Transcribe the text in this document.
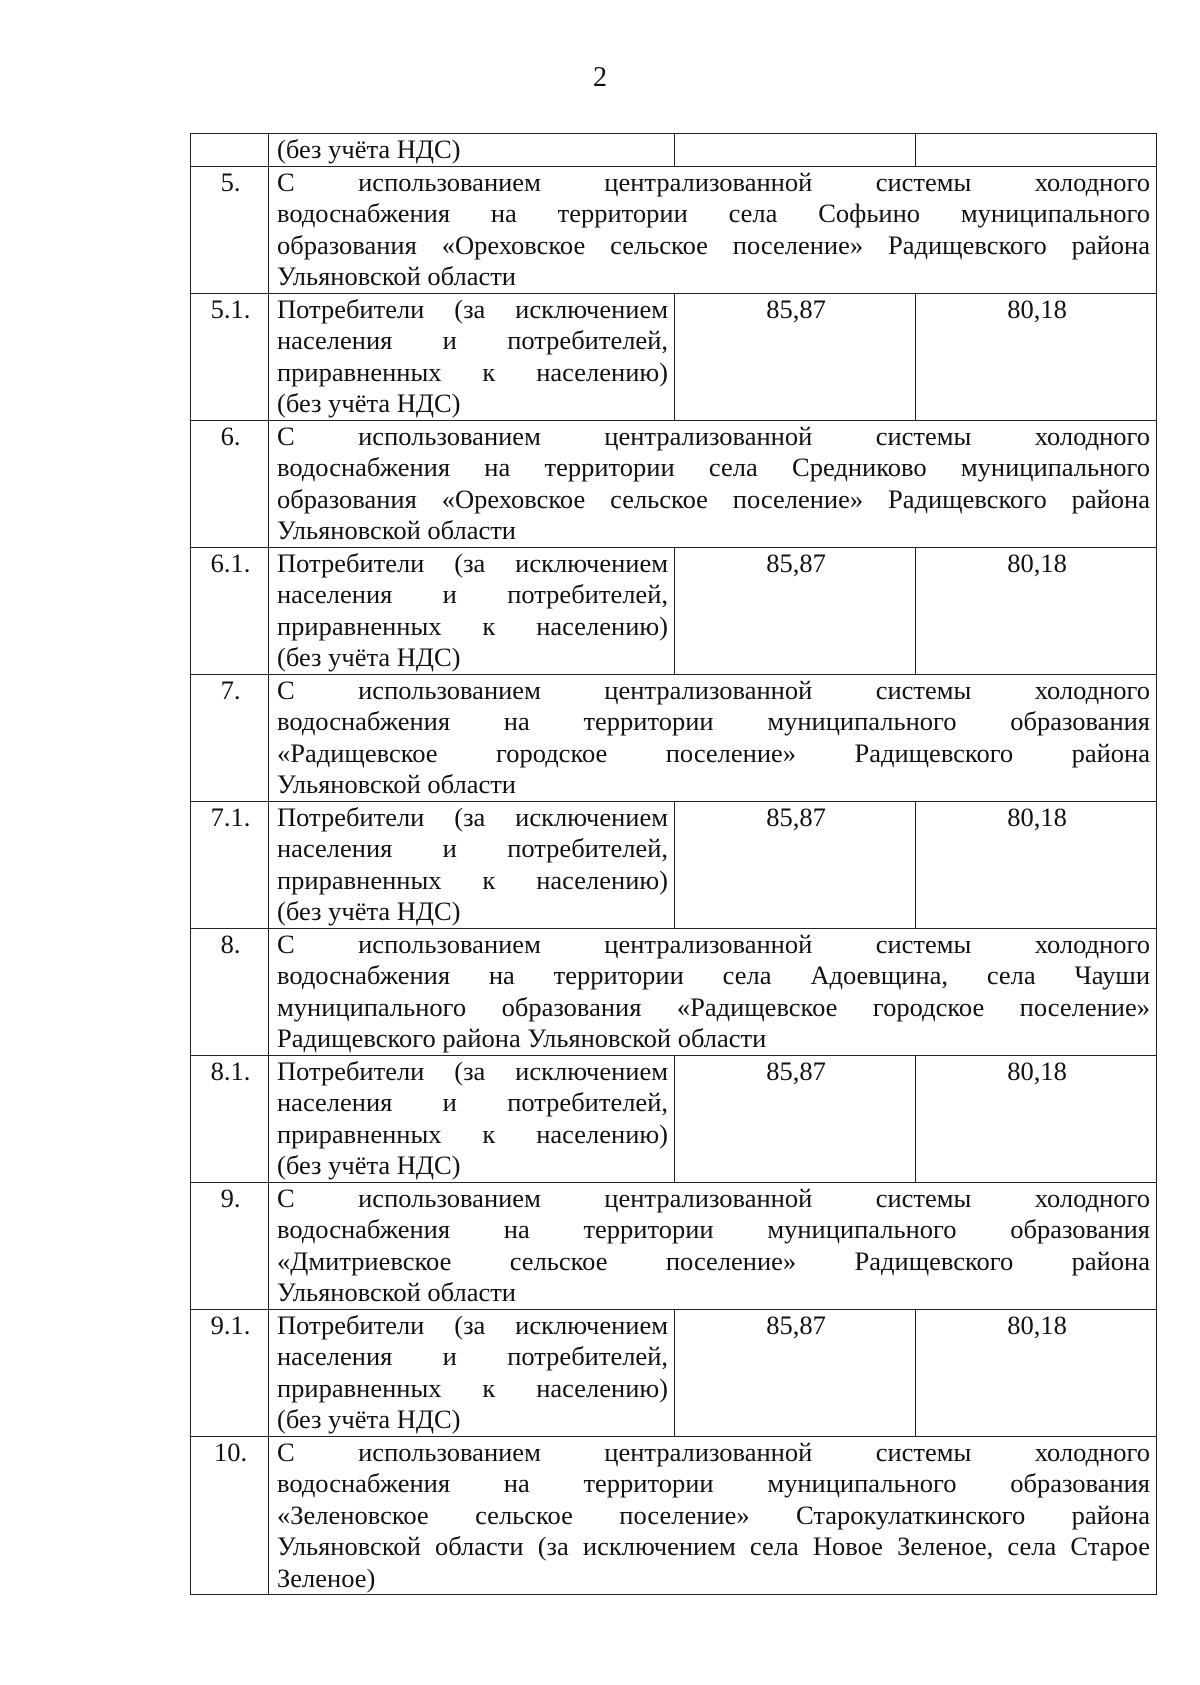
2
	(без учёта НДС)		
5.	С использованием централизованной системы холодного
водоснабжения на территории села Софьино муниципального
образования «Ореховское сельское поселение» Радищевского района
Ульяновской области		

5.1.	Потребители (за исключением
населения и потребителей,
приравненных к населению)
(без учёта НДС)	85,87	80,18
6.	С использованием централизованной системы холодного
водоснабжения на территории села Средниково муниципального
образования «Ореховское сельское поселение» Радищевского района
Ульяновской области		

6.1.	Потребители (за исключением
населения и потребителей,
приравненных к населению)
(без учёта НДС)	85,87	80,18
7.	С использованием централизованной системы холодного
водоснабжения на территории муниципального образования
«Радищевское городское поселение» Радищевского района
Ульяновской области		

7.1.	Потребители (за исключением
населения и потребителей,
приравненных к населению)
(без учёта НДС)	85,87	80,18
8.	С использованием централизованной системы холодного
водоснабжения на территории села Адоевщина, села Чауши
муниципального образования «Радищевское городское поселение»
Радищевского района Ульяновской области		

8.1.	Потребители (за исключением
населения и потребителей,
приравненных к населению)
(без учёта НДС)	85,87	80,18
9.	С использованием централизованной системы холодного
водоснабжения на территории муниципального образования
«Дмитриевское сельское поселение» Радищевского района
Ульяновской области		

9.1.	Потребители (за исключением
населения и потребителей,
приравненных к населению)
(без учёта НДС)	85,87	80,18
10.	С использованием централизованной системы холодного
водоснабжения на территории муниципального образования
«Зеленовское сельское поселение» Старокулаткинского района
Ульяновской области (за исключением села Новое Зеленое, села Старое
Зеленое)		
